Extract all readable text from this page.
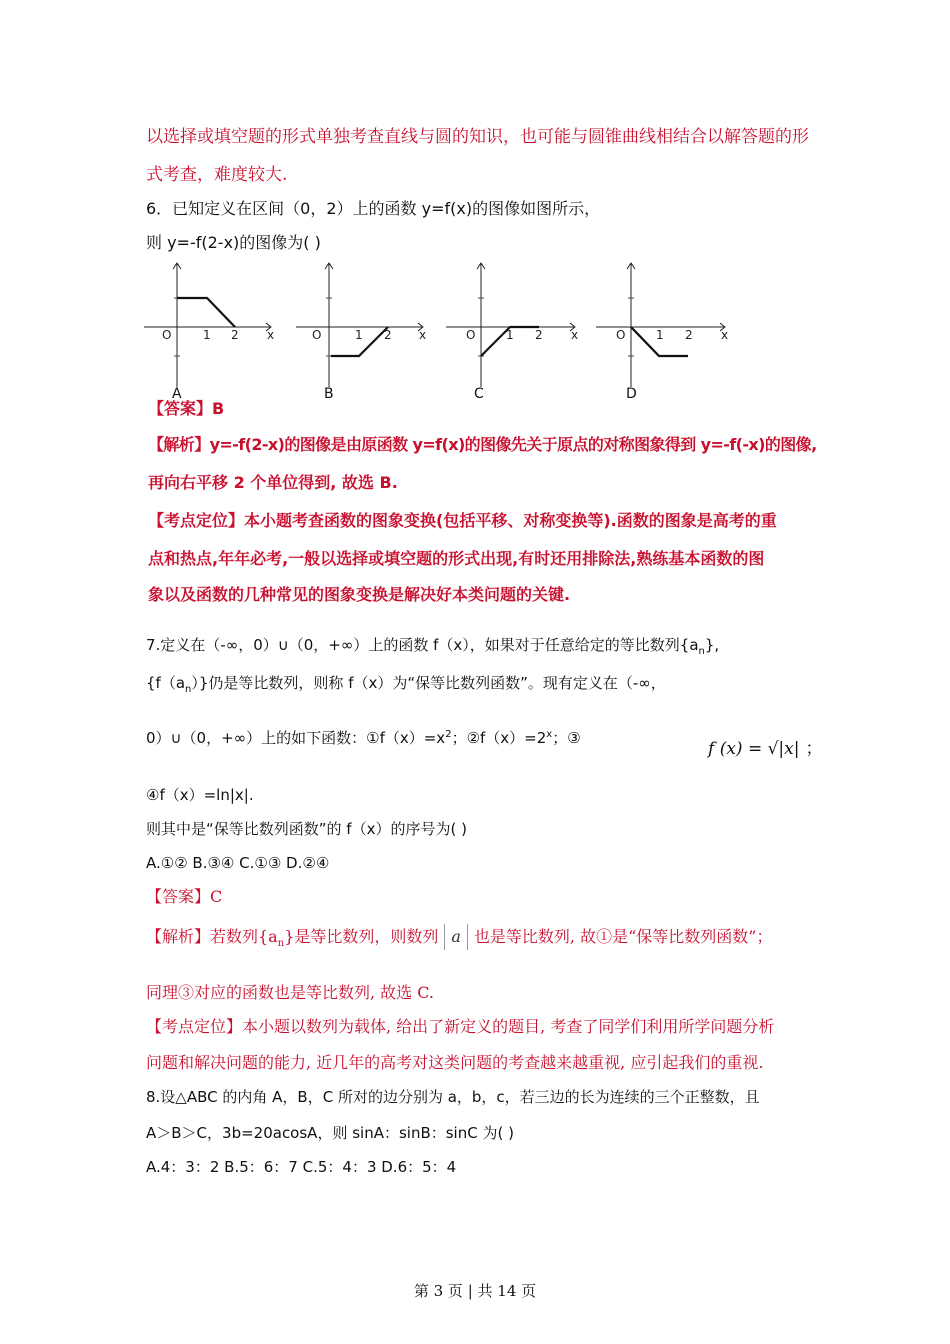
以选择或填空题的形式单独考查直线与圆的知识，也可能与圆锥曲线相结合以解答题的形
式考查，难度较大.
6．已知定义在区间（0，2）上的函数 y=f(x)的图像如图所示，
则 y=-f(2-x)的图像为( )
O	1 2 x	O	1 2 x	O	1 2 x	O	1 2 x
A	B	C	D
【答案】B
【解析】y=-f(2-x)的图像是由原函数 y=f(x)的图像先关于原点的对称图象得到 y=-f(-x)的图像,
再向右平移 2 个单位得到, 故选 B.
【考点定位】本小题考查函数的图象变换(包括平移、对称变换等).函数的图象是高考的重
点和热点,年年必考,一般以选择或填空题的形式出现,有时还用排除法,熟练基本函数的图
象以及函数的几种常见的图象变换是解决好本类问题的关键.
7.定义在（-∞，0）∪（0，+∞）上的函数 f（x），如果对于任意给定的等比数列$\{a_n\}$,
$\{f(a_n)\}$仍是等比数列，则称 f（x）为“保等比数列函数”。现有定义在（-∞，
0）∪（0，+∞）上的如下函数：$①f(x)=x^2$；$②f(x)=2^x$；③
f (x) = √|x| ；
④f（x）=ln|x|.
则其中是“保等比数列函数”的 f（x）的序号为( )
A.①② B.③④ C.①③ D.②④
【答案】C
【解析】若数列$\{a_n\}$是等比数列，则数列 a 也是等比数列, 故①是“保等比数列函数”；
同理③对应的函数也是等比数列, 故选 C.
【考点定位】本小题以数列为载体, 给出了新定义的题目, 考查了同学们利用所学问题分析
问题和解决问题的能力, 近几年的高考对这类问题的考查越来越重视, 应引起我们的重视.
8.设△ABC 的内角 A，B，C 所对的边分别为 a，b，c，若三边的长为连续的三个正整数，且
A＞B＞C，3b=20acosA，则 sinA：sinB：sinC 为( )
A.4：3：2 B.5：6：7 C.5：4：3 D.6：5：4
第 3 页 | 共 14 页
